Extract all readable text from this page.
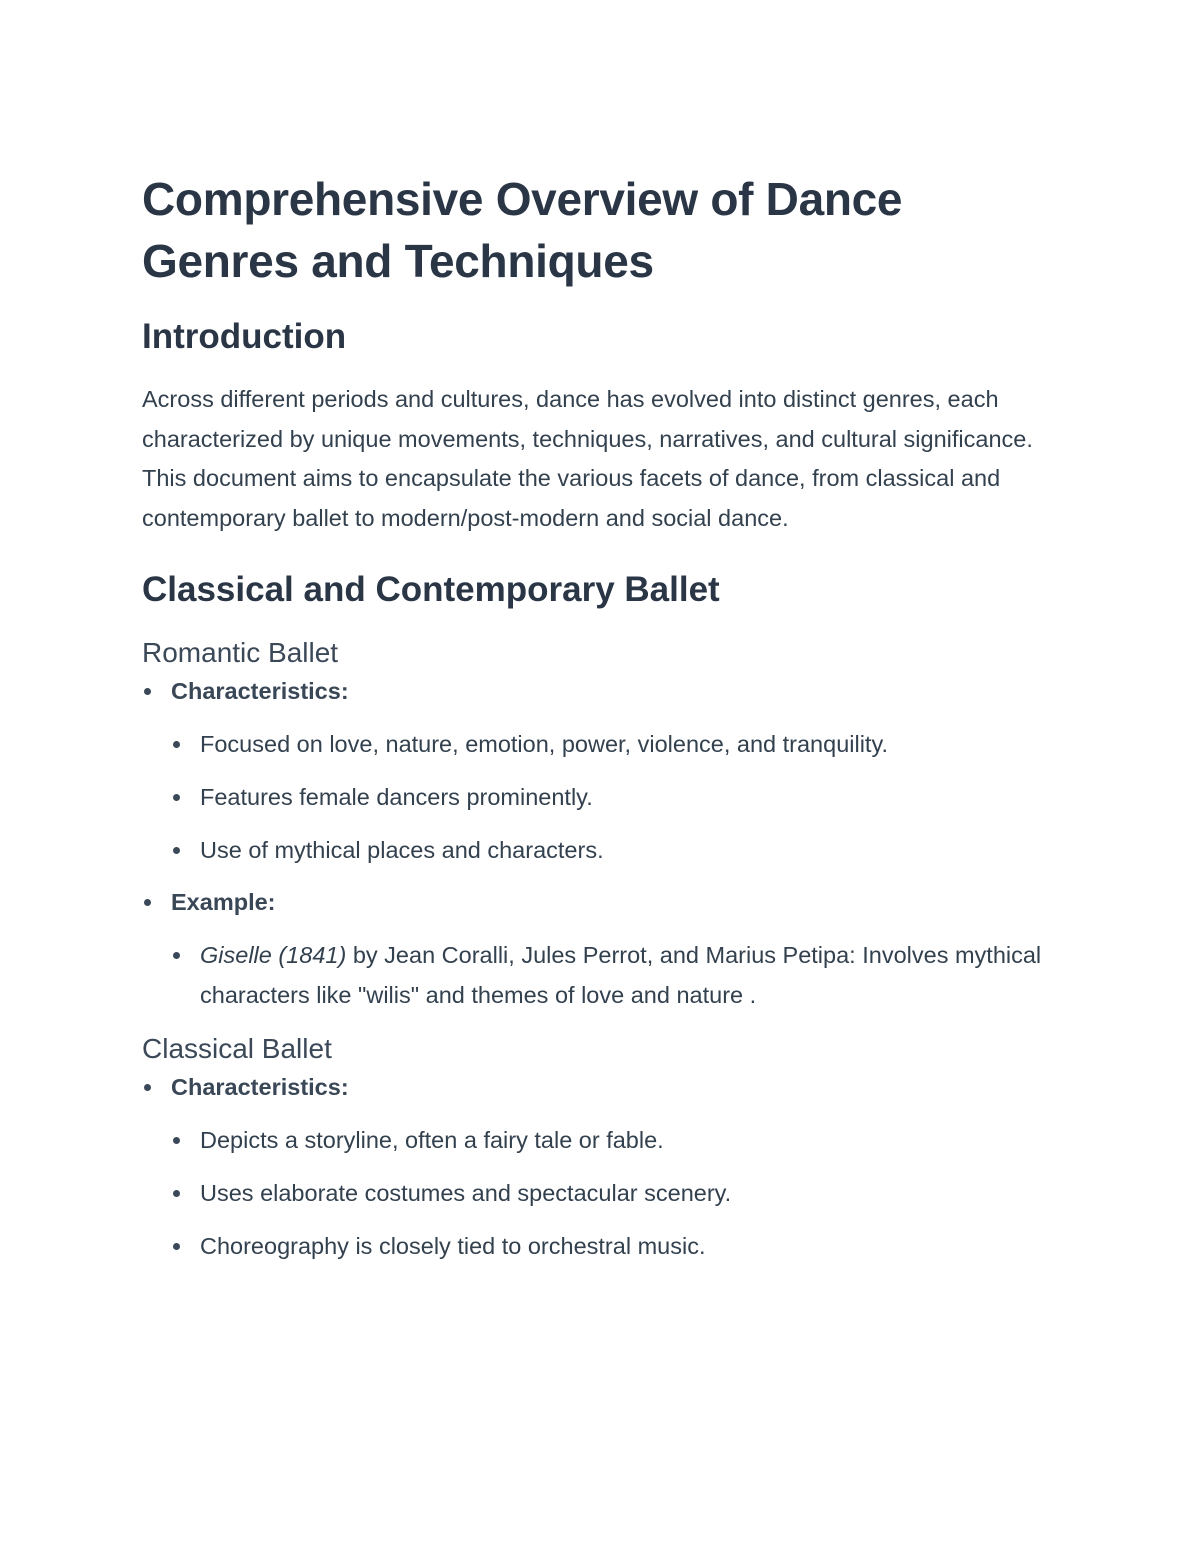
Comprehensive Overview of Dance Genres and Techniques
Introduction

Across different periods and cultures, dance has evolved into distinct genres, each characterized by unique movements, techniques, narratives, and cultural significance. This document aims to encapsulate the various facets of dance, from classical and contemporary ballet to modern/post-modern and social dance.

Classical and Contemporary Ballet
Romantic Ballet
Characteristics:
Focused on love, nature, emotion, power, violence, and tranquility.
Features female dancers prominently.
Use of mythical places and characters.
Example:
Giselle (1841) by Jean Coralli, Jules Perrot, and Marius Petipa: Involves mythical characters like "wilis" and themes of love and nature .
Classical Ballet
Characteristics:
Depicts a storyline, often a fairy tale or fable.
Uses elaborate costumes and spectacular scenery.
Choreography is closely tied to orchestral music.
